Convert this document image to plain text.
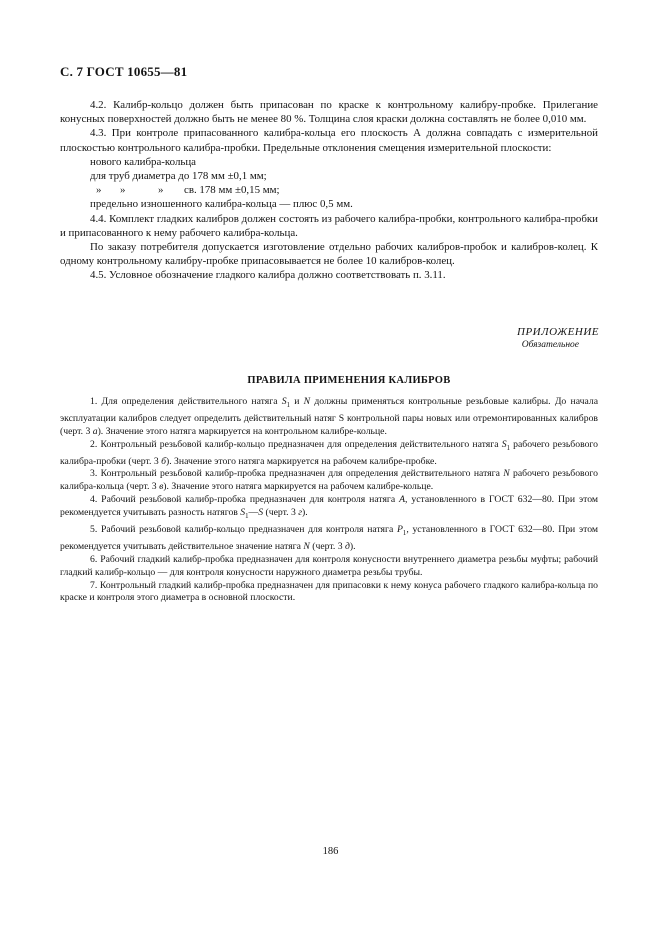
С. 7 ГОСТ 10655—81

4.2. Калибр-кольцо должен быть припасован по краске к контрольному калибру-пробке. Прилегание конусных поверхностей должно быть не менее 80 %. Толщина слоя краски должна составлять не более 0,010 мм.

4.3. При контроле припасованного калибра-кольца его плоскость А должна совпадать с измерительной плоскостью контрольного калибра-пробки. Предельные отклонения смещения измерительной плоскости:

нового калибра-кольца

для труб диаметра до 178 мм ±0,1 мм;

» »	» св. 178 мм ±0,15 мм;

предельно изношенного калибра-кольца — плюс 0,5 мм.

4.4. Комплект гладких калибров должен состоять из рабочего калибра-пробки, контрольного калибра-пробки и припасованного к нему рабочего калибра-кольца.

По заказу потребителя допускается изготовление отдельно рабочих калибров-пробок и калибров-колец. К одному контрольному калибру-пробке припасовывается не более 10 калибров-колец.

4.5. Условное обозначение гладкого калибра должно соответствовать п. 3.11.

ПРИЛОЖЕНИЕ
Обязательное
ПРАВИЛА ПРИМЕНЕНИЯ КАЛИБРОВ

1. Для определения действительного натяга $S_1$ и N должны применяться контрольные резьбовые калибры. До начала эксплуатации калибров следует определить действительный натяг S контрольной пары новых или отремонтированных калибров (черт. 3 а). Значение этого натяга маркируется на контрольном калибре-кольце.

2. Контрольный резьбовой калибр-кольцо предназначен для определения действительного натяга $S_1$ рабочего резьбового калибра-пробки (черт. 3 б). Значение этого натяга маркируется на рабочем калибре-пробке.

3. Контрольный резьбовой калибр-пробка предназначен для определения действительного натяга N рабочего резьбового калибра-кольца (черт. 3 в). Значение этого натяга маркируется на рабочем калибре-кольце.

4. Рабочий резьбовой калибр-пробка предназначен для контроля натяга A, установленного в ГОСТ 632—80. При этом рекомендуется учитывать разность натягов $S_1—S$ (черт. 3 г).

5. Рабочий резьбовой калибр-кольцо предназначен для контроля натяга $P_1$, установленного в ГОСТ 632—80. При этом рекомендуется учитывать действительное значение натяга N (черт. 3 д).

6. Рабочий гладкий калибр-пробка предназначен для контроля конусности внутреннего диаметра резьбы муфты; рабочий гладкий калибр-кольцо — для контроля конусности наружного диаметра резьбы трубы.

7. Контрольный гладкий калибр-пробка предназначен для припасовки к нему конуса рабочего гладкого калибра-кольца по краске и контроля этого диаметра в основной плоскости.

186
